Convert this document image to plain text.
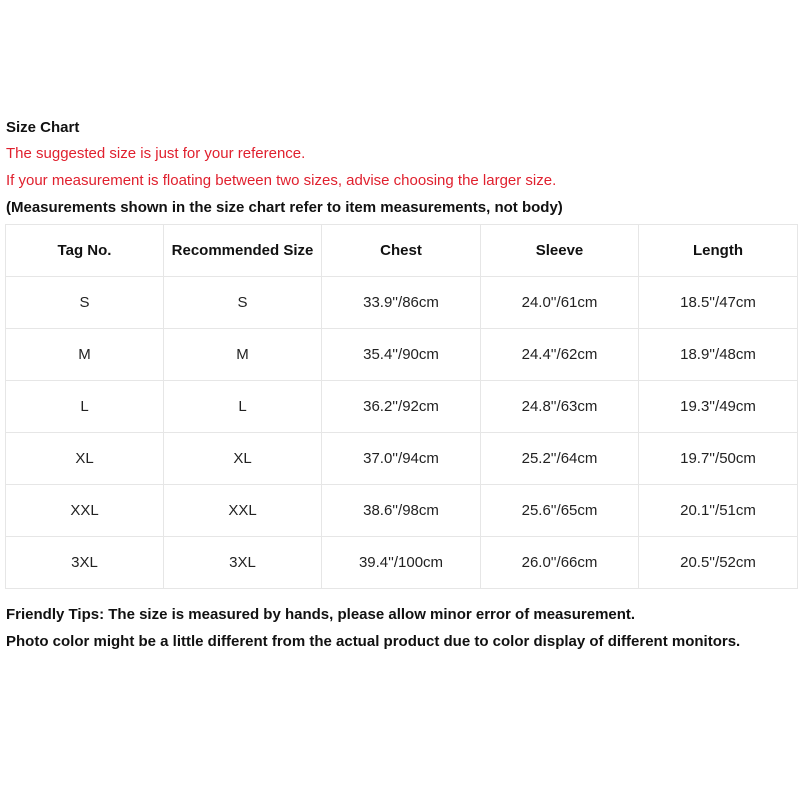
Size Chart
The suggested size is just for your reference.
If your measurement is floating between two sizes, advise choosing the larger size.
(Measurements shown in the size chart refer to item measurements, not body)
Tag No.	Recommended Size	Chest	Sleeve	Length
S	S	33.9''/86cm	24.0''/61cm	18.5''/47cm
M	M	35.4''/90cm	24.4''/62cm	18.9''/48cm
L	L	36.2''/92cm	24.8''/63cm	19.3''/49cm
XL	XL	37.0''/94cm	25.2''/64cm	19.7''/50cm
XXL	XXL	38.6''/98cm	25.6''/65cm	20.1''/51cm
3XL	3XL	39.4''/100cm	26.0''/66cm	20.5''/52cm
Friendly Tips: The size is measured by hands, please allow minor error of measurement.
Photo color might be a little different from the actual product due to color display of different monitors.
